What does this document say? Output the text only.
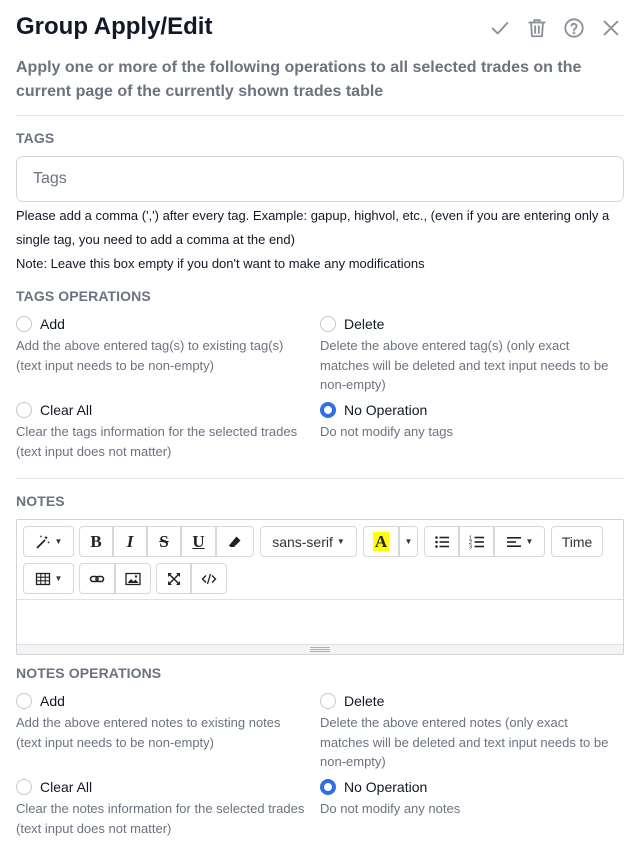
Group Apply/Edit
Apply one or more of the following operations to all selected trades on the current page of the currently shown trades table
TAGS
Tags
Please add a comma (',') after every tag. Example: gapup, highvol, etc., (even if you are entering only a single tag, you need to add a comma at the end)
Note: Leave this box empty if you don't want to make any modifications
TAGS OPERATIONS
Add
Add the above entered tag(s) to existing tag(s) (text input needs to be non-empty)
Delete
Delete the above entered tag(s) (only exact matches will be deleted and text input needs to be non-empty)
Clear All
Clear the tags information for the selected trades (text input does not matter)
No Operation
Do not modify any tags
NOTES
▼ B I S U	sans-serif ▼ A ▼	1
2
3
▼ Time
▼
NOTES OPERATIONS
Add
Add the above entered notes to existing notes (text input needs to be non-empty)
Delete
Delete the above entered notes (only exact matches will be deleted and text input needs to be non-empty)
Clear All
Clear the notes information for the selected trades (text input does not matter)
No Operation
Do not modify any notes
